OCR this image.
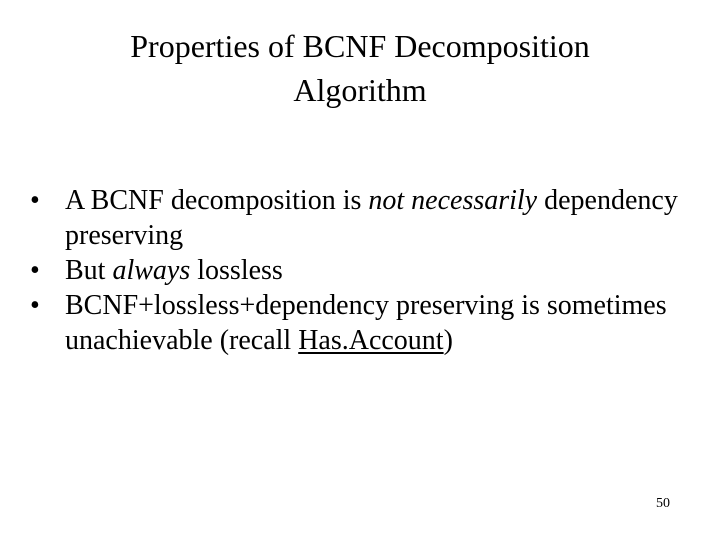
Properties of BCNF Decomposition
Algorithm
• A BCNF decomposition is not necessarily dependency preserving
• But always lossless
• BCNF+lossless+dependency preserving is sometimes unachievable (recall Has.Account)
50
